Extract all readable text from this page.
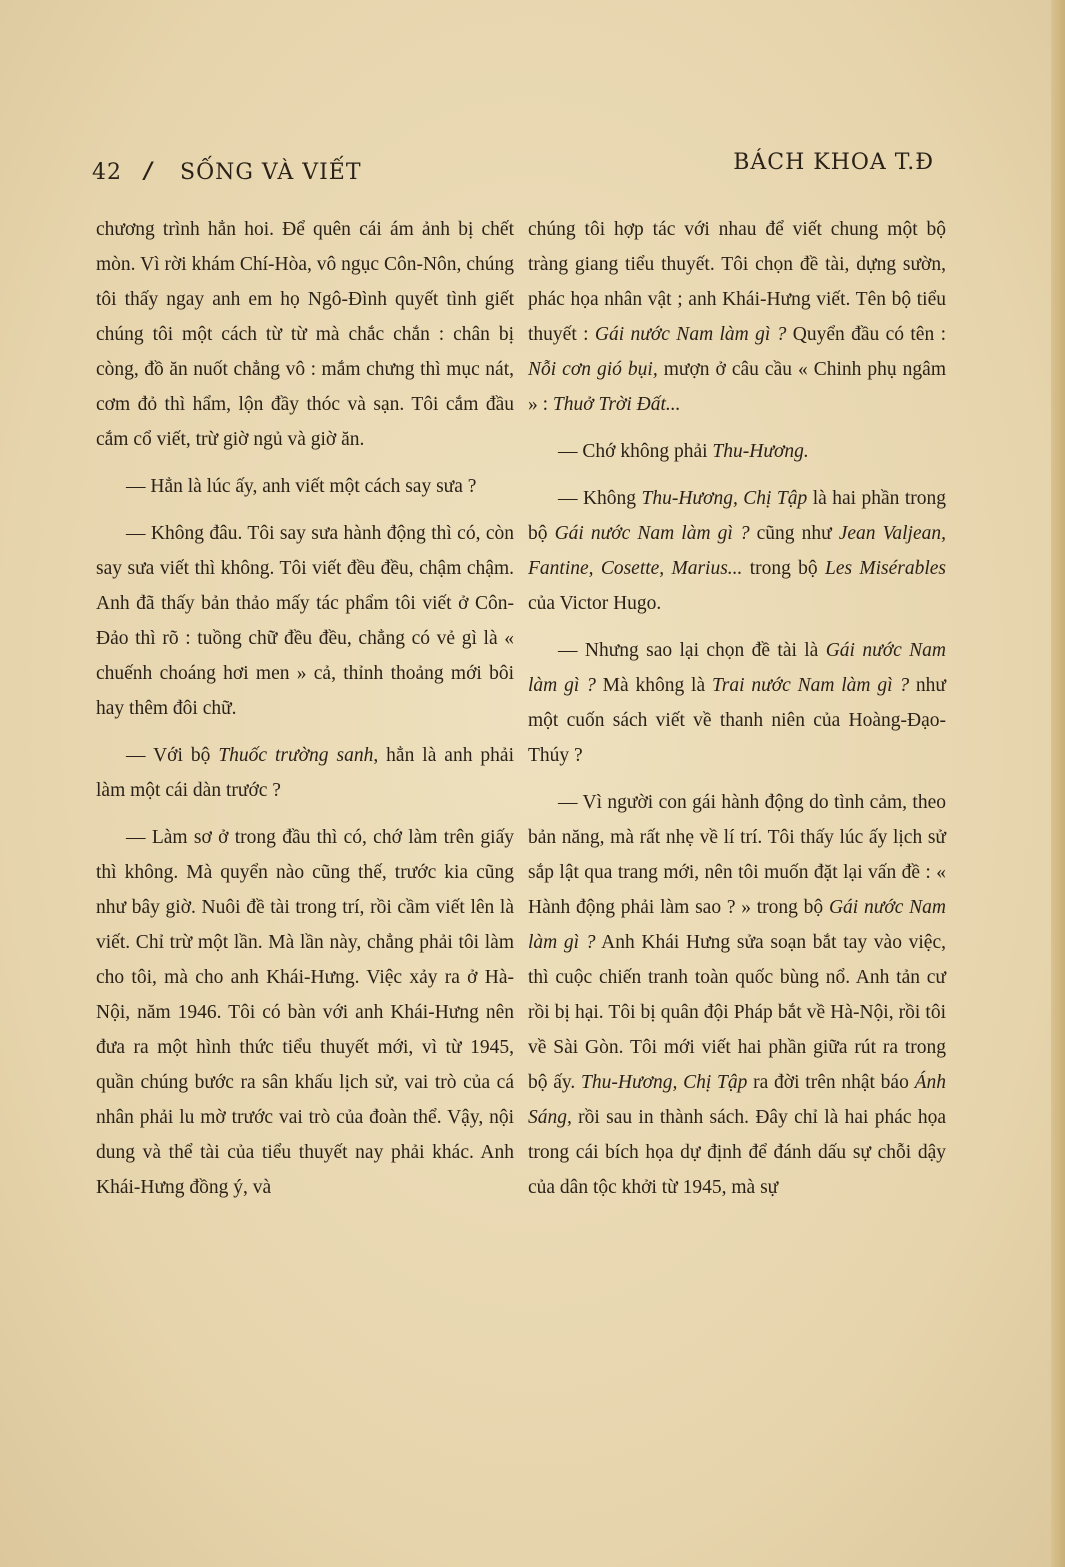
42 / SỐNG VÀ VIẾT	BÁCH KHOA T.Đ

chương trình hẳn hoi. Để quên cái ám ảnh bị chết mòn. Vì rời khám Chí-Hòa, vô ngục Côn-Nôn, chúng tôi thấy ngay anh em họ Ngô-Đình quyết tình giết chúng tôi một cách từ từ mà chắc chắn : chân bị còng, đồ ăn nuốt chẳng vô : mắm chưng thì mục nát, cơm đỏ thì hẩm, lộn đầy thóc và sạn. Tôi cắm đầu cắm cổ viết, trừ giờ ngủ và giờ ăn.

— Hẳn là lúc ấy, anh viết một cách say sưa ?

— Không đâu. Tôi say sưa hành động thì có, còn say sưa viết thì không. Tôi viết đều đều, chậm chậm. Anh đã thấy bản thảo mấy tác phẩm tôi viết ở Côn-Đảo thì rõ : tuồng chữ đều đều, chẳng có vẻ gì là « chuếnh choáng hơi men » cả, thỉnh thoảng mới bôi hay thêm đôi chữ.

— Với bộ Thuốc trường sanh, hẳn là anh phải làm một cái dàn trước ?

— Làm sơ ở trong đầu thì có, chớ làm trên giấy thì không. Mà quyển nào cũng thế, trước kia cũng như bây giờ. Nuôi đề tài trong trí, rồi cầm viết lên là viết. Chỉ trừ một lần. Mà lần này, chẳng phải tôi làm cho tôi, mà cho anh Khái-Hưng. Việc xảy ra ở Hà-Nội, năm 1946. Tôi có bàn với anh Khái-Hưng nên đưa ra một hình thức tiểu thuyết mới, vì từ 1945, quần chúng bước ra sân khấu lịch sử, vai trò của cá nhân phải lu mờ trước vai trò của đoàn thể. Vậy, nội dung và thể tài của tiểu thuyết nay phải khác. Anh Khái-Hưng đồng ý, và

chúng tôi hợp tác với nhau để viết chung một bộ tràng giang tiểu thuyết. Tôi chọn đề tài, dựng sườn, phác họa nhân vật ; anh Khái-Hưng viết. Tên bộ tiểu thuyết : Gái nước Nam làm gì ? Quyển đầu có tên : Nỗi cơn gió bụi, mượn ở câu cầu « Chinh phụ ngâm » : Thuở Trời Đất...

— Chớ không phải Thu-Hương.

— Không Thu-Hương, Chị Tập là hai phần trong bộ Gái nước Nam làm gì ? cũng như Jean Valjean, Fantine, Cosette, Marius... trong bộ Les Misérables của Victor Hugo.

— Nhưng sao lại chọn đề tài là Gái nước Nam làm gì ? Mà không là Trai nước Nam làm gì ? như một cuốn sách viết về thanh niên của Hoàng-Đạo-Thúy ?

— Vì người con gái hành động do tình cảm, theo bản năng, mà rất nhẹ về lí trí. Tôi thấy lúc ấy lịch sử sắp lật qua trang mới, nên tôi muốn đặt lại vấn đề : « Hành động phải làm sao ? » trong bộ Gái nước Nam làm gì ? Anh Khái Hưng sửa soạn bắt tay vào việc, thì cuộc chiến tranh toàn quốc bùng nổ. Anh tản cư rồi bị hại. Tôi bị quân đội Pháp bắt về Hà-Nội, rồi tôi về Sài Gòn. Tôi mới viết hai phần giữa rút ra trong bộ ấy. Thu-Hương, Chị Tập ra đời trên nhật báo Ánh Sáng, rồi sau in thành sách. Đây chỉ là hai phác họa trong cái bích họa dự định để đánh dấu sự chỗi dậy của dân tộc khởi từ 1945, mà sự
